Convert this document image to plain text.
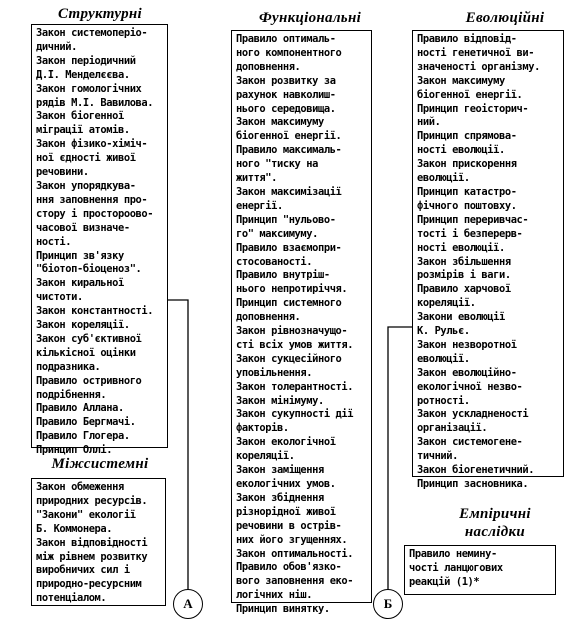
Структурні	Функціональні	Еволюційні
Міжсистемні
Емпіричні
наслідки
Закон системоперіо-
дичний.
Закон періодичний
Д.І. Менделєєва.
Закон гомологічних
рядів М.І. Вавилова.
Закон біогенної
міграції атомів.
Закон фізико-хіміч-
ної єдності живої
речовини.
Закон упорядкува-
ння заповнення про-
стору і простороово-
часової визначе-
ності.
Принцип зв'язку
"біотоп-біоценоз".
Закон киральної
чистоти.
Закон константності.
Закон кореляції.
Закон суб'єктивної
кількісної оцінки
подразника.
Правило остривного
подрібнення.
Правило Аллана.
Правило Бергмачі.
Правило Глогера.
Принцип Оллі.
Правило оптималь-
ного компонентного
доповнення.
Закон розвитку за
рахунок навколиш-
нього середовища.
Закон максимуму
біогенної енергії.
Правило максималь-
ного "тиску на
життя".
Закон максимізації
енергії.
Принцип "нульово-
го" максимуму.
Правило взаємопри-
стосованості.
Правило внутріш-
нього непротиріччя.
Принцип системного
доповнення.
Закон рівнозначущо-
сті всіх умов життя.
Закон сукцесійного
уповільнення.
Закон толерантності.
Закон мінімуму.
Закон сукупності дії
факторів.
Закон екологічної
кореляції.
Закон заміщення
екологічних умов.
Закон збіднення
різнорідної живої
речовини в острів-
них його згущеннях.
Закон оптимальності.
Правило обов'язко-
вого заповнення еко-
логічних ніш.
Принцип винятку.
Правило відповід-
ності генетичної ви-
значеності організму.
Закон максимуму
біогенної енергії.
Принцип геоісторич-
ний.
Принцип спрямова-
ності еволюції.
Закон прискорення
еволюції.
Принцип катастро-
фічного поштовху.
Принцип переривчас-
тості і безперерв-
ності еволюції.
Закон збільшення
розмірів і ваги.
Правило харчової
кореляції.
Закони еволюції
К. Рульє.
Закон незворотної
еволюції.
Закон еволюційно-
екологічної незво-
ротності.
Закон ускладненості
організації.
Закон системогене-
тичний.
Закон біогенетичний.
Принцип засновника.
Закон обмеження
природних ресурсів.
"Закони" екології
Б. Коммонера.
Закон відповідності
між рівнем розвитку
виробничих сил і
природно-ресурсним
потенціалом.
Правило немину-
чості ланцюгових
реакцій (1)*
А	Б
